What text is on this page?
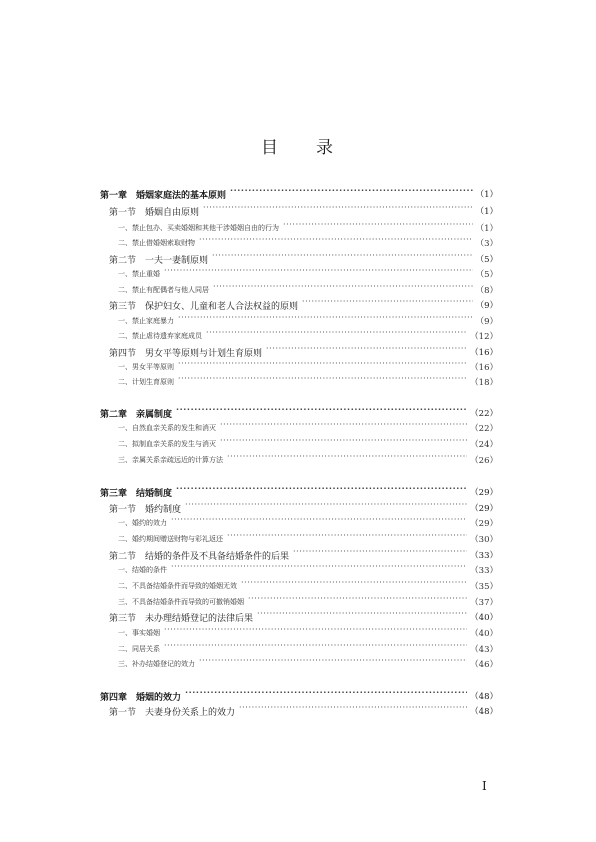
目 录
第一章　婚姻家庭法的基本原则 ·····	（1）
第一节　婚姻自由原则 ·····	（1）
一、禁止包办、买卖婚姻和其他干涉婚姻自由的行为 ·····	（1）
二、禁止借婚姻索取财物 ·····	（3）
第二节　一夫一妻制原则 ·····	（5）
一、禁止重婚 ·····	（5）
二、禁止有配偶者与他人同居 ·····	（8）
第三节　保护妇女、儿童和老人合法权益的原则 ·····	（9）
一、禁止家庭暴力 ·····	（9）
二、禁止虐待遗弃家庭成员 ·····	（12）
第四节　男女平等原则与计划生育原则 ·····	（16）
一、男女平等原则 ·····	（16）
二、计划生育原则 ·····	（18）
第二章　亲属制度 ·····	（22）
一、自然血亲关系的发生和消灭 ·····	（22）
二、拟制血亲关系的发生与消灭 ·····	（24）
三、亲属关系亲疏远近的计算方法 ·····	（26）
第三章　结婚制度 ·····	（29）
第一节　婚约制度 ·····	（29）
一、婚约的效力 ·····	（29）
二、婚约期间赠送财物与彩礼返还 ·····	（30）
第二节　结婚的条件及不具备结婚条件的后果 ·····	（33）
一、结婚的条件 ·····	（33）
二、不具备结婚条件而导致的婚姻无效 ·····	（35）
三、不具备结婚条件而导致的可撤销婚姻 ·····	（37）
第三节　未办理结婚登记的法律后果 ·····	（40）
一、事实婚姻 ·····	（40）
二、同居关系 ·····	（43）
三、补办结婚登记的效力 ·····	（46）
第四章　婚姻的效力 ·····	（48）
第一节　夫妻身份关系上的效力 ·····	（48）
I
